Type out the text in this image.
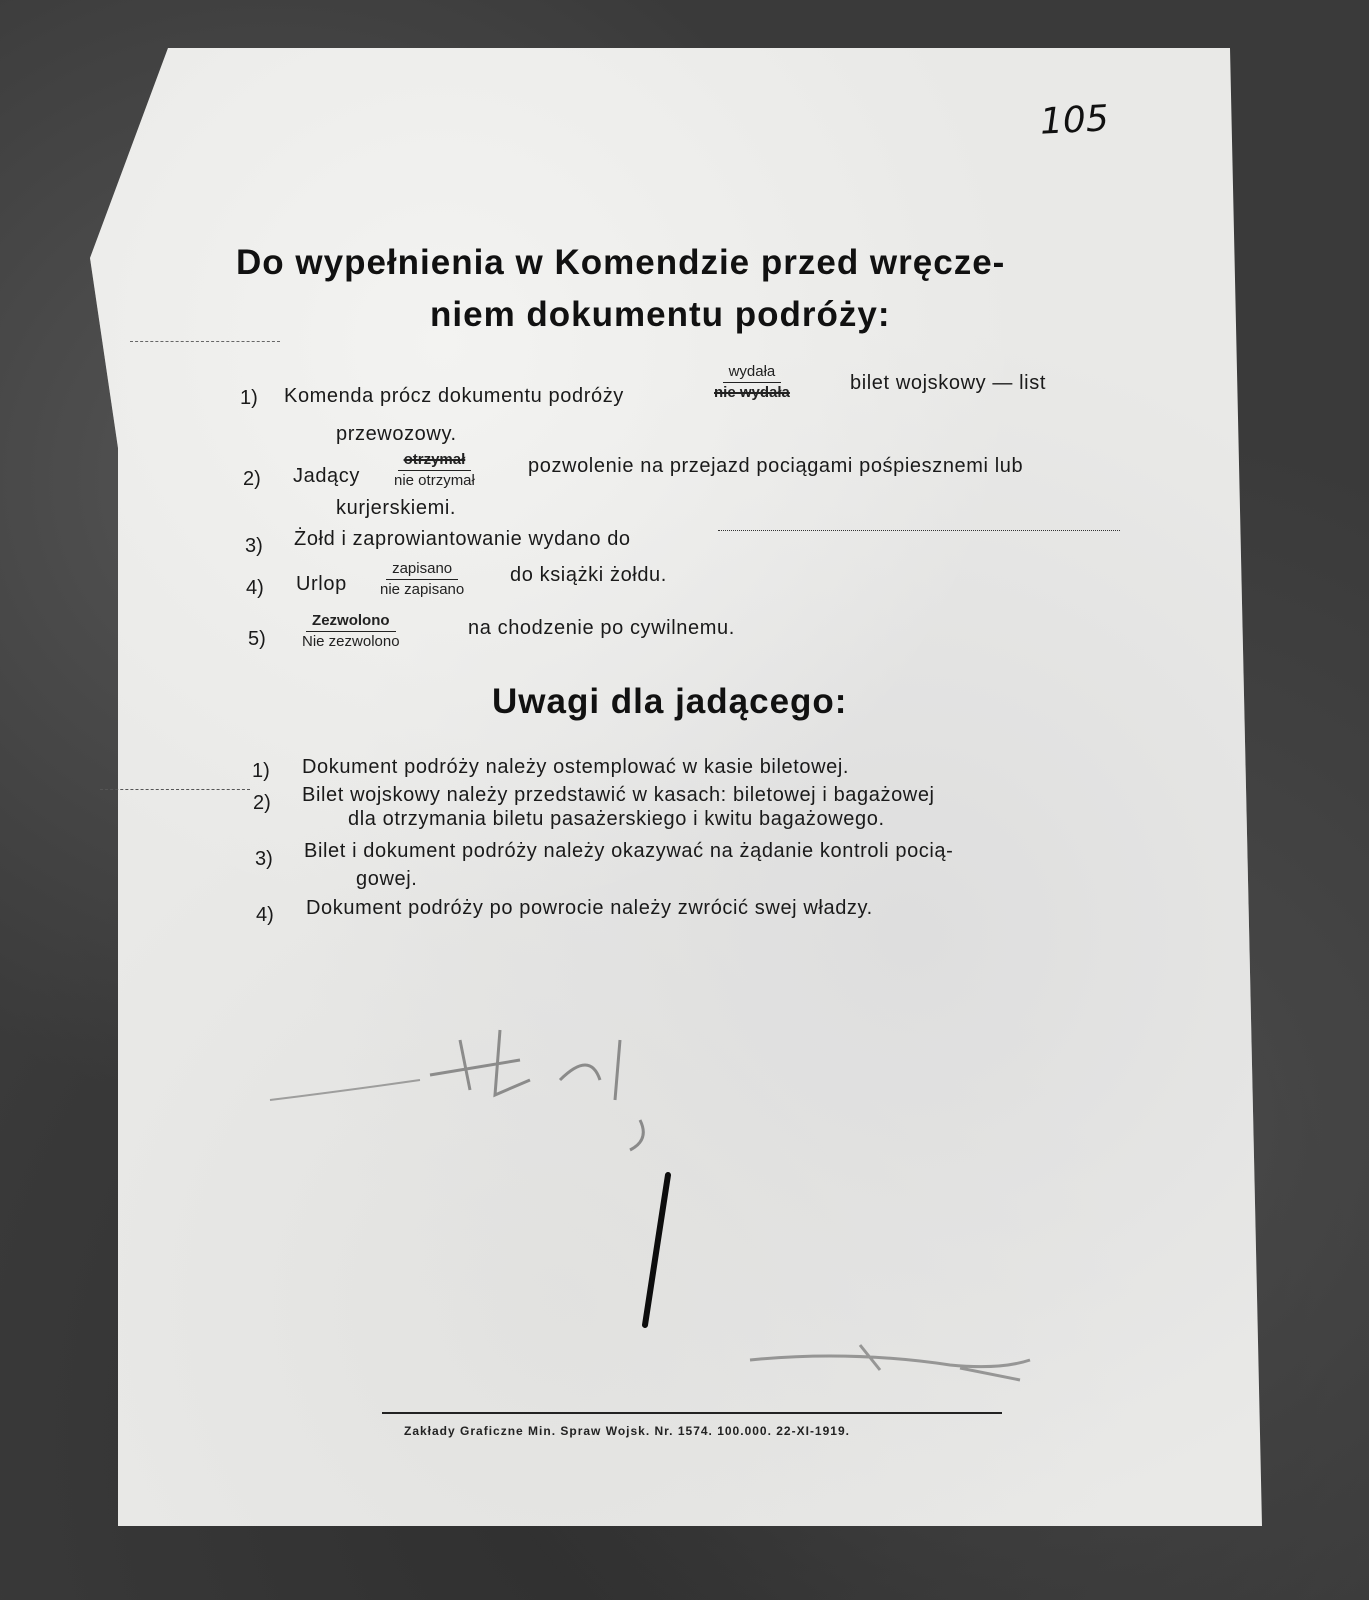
105
Do wypełnienia w Komendzie przed wręcze-
niem dokumentu podróży:
1) Komenda prócz dokumentu podróży
wydała
nie wydała	bilet wojskowy — list
przewozowy.
2) Jadący
otrzymał
nie otrzymał
pozwolenie na przejazd pociągami pośpiesznemi lub
kurjerskiemi.
3) Żołd i zaprowiantowanie wydano do
4) Urlop
zapisano
nie zapisano
do książki żołdu.
5)
Zezwolono
Nie zezwolono
na chodzenie po cywilnemu.
Uwagi dla jadącego:
1) Dokument podróży należy ostemplować w kasie biletowej.
2) Bilet wojskowy należy przedstawić w kasach: biletowej i bagażowej
dla otrzymania biletu pasażerskiego i kwitu bagażowego.
3) Bilet i dokument podróży należy okazywać na żądanie kontroli pocią-
gowej.
4) Dokument podróży po powrocie należy zwrócić swej władzy.
Zakłady Graficzne Min. Spraw Wojsk. Nr. 1574. 100.000. 22-XI-1919.
